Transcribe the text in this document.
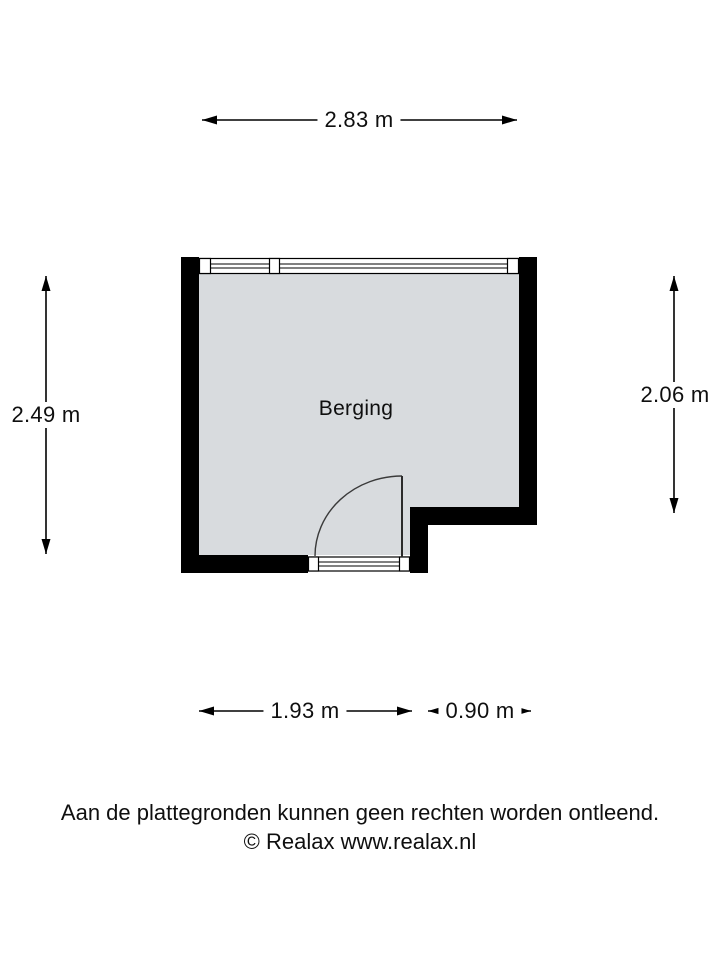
2.83 m
2.49 m
2.06 m
1.93 m	0.90 m
Berging
Aan de plattegronden kunnen geen rechten worden ontleend.
© Realax www.realax.nl
